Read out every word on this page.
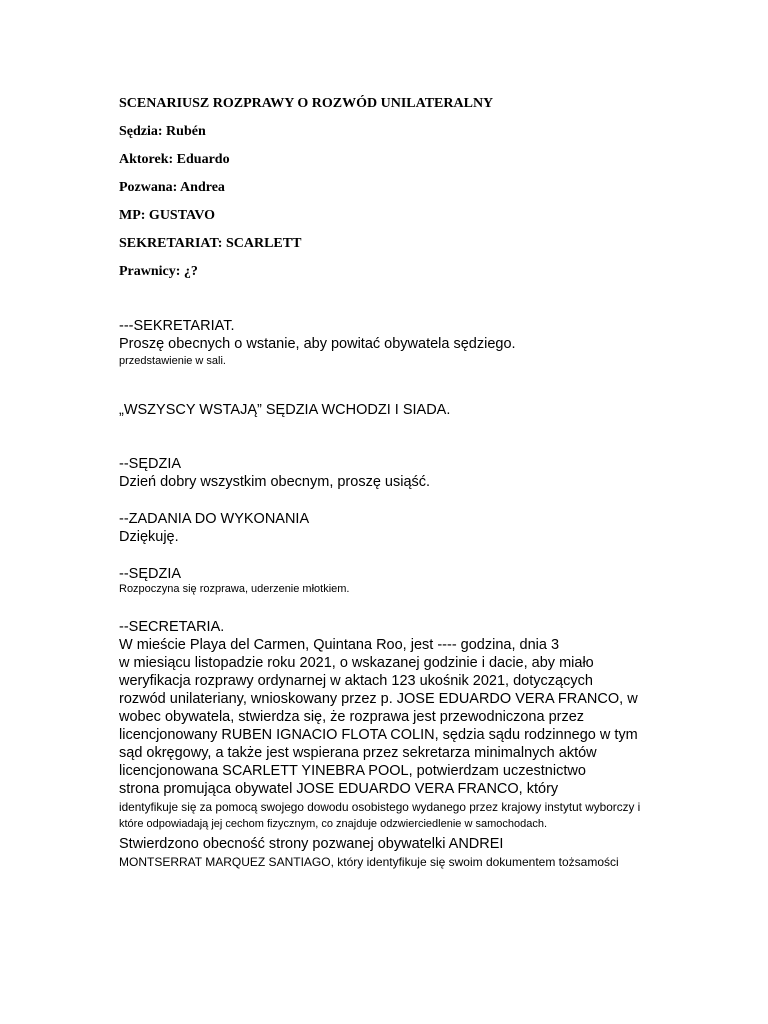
SCENARIUSZ ROZPRAWY O ROZWÓD UNILATERALNY
Sędzia: Rubén
Aktorek: Eduardo
Pozwana: Andrea
MP: GUSTAVO
SEKRETARIAT: SCARLETT
Prawnicy: ¿?
---SEKRETARIAT.
Proszę obecnych o wstanie, aby powitać obywatela sędziego.
przedstawienie w sali.
„WSZYSCY WSTAJĄ” SĘDZIA WCHODZI I SIADA.
--SĘDZIA
Dzień dobry wszystkim obecnym, proszę usiąść.
--ZADANIA DO WYKONANIA
Dziękuję.
--SĘDZIA
Rozpoczyna się rozprawa, uderzenie młotkiem.
--SECRETARIA.
W mieście Playa del Carmen, Quintana Roo, jest ---- godzina, dnia 3
w miesiącu listopadzie roku 2021, o wskazanej godzinie i dacie, aby miało
weryfikacja rozprawy ordynarnej w aktach 123 ukośnik 2021, dotyczących
rozwód unilateriany, wnioskowany przez p. JOSE EDUARDO VERA FRANCO, w
wobec obywatela, stwierdza się, że rozprawa jest przewodniczona przez
licencjonowany RUBEN IGNACIO FLOTA COLIN, sędzia sądu rodzinnego w tym
sąd okręgowy, a także jest wspierana przez sekretarza minimalnych aktów
licencjonowana SCARLETT YINEBRA POOL, potwierdzam uczestnictwo
strona promująca obywatel JOSE EDUARDO VERA FRANCO, który
identyfikuje się za pomocą swojego dowodu osobistego wydanego przez krajowy instytut wyborczy i
które odpowiadają jej cechom fizycznym, co znajduje odzwierciedlenie w samochodach.
Stwierdzono obecność strony pozwanej obywatelki ANDREI
MONTSERRAT MARQUEZ SANTIAGO, który identyfikuje się swoim dokumentem tożsamości
